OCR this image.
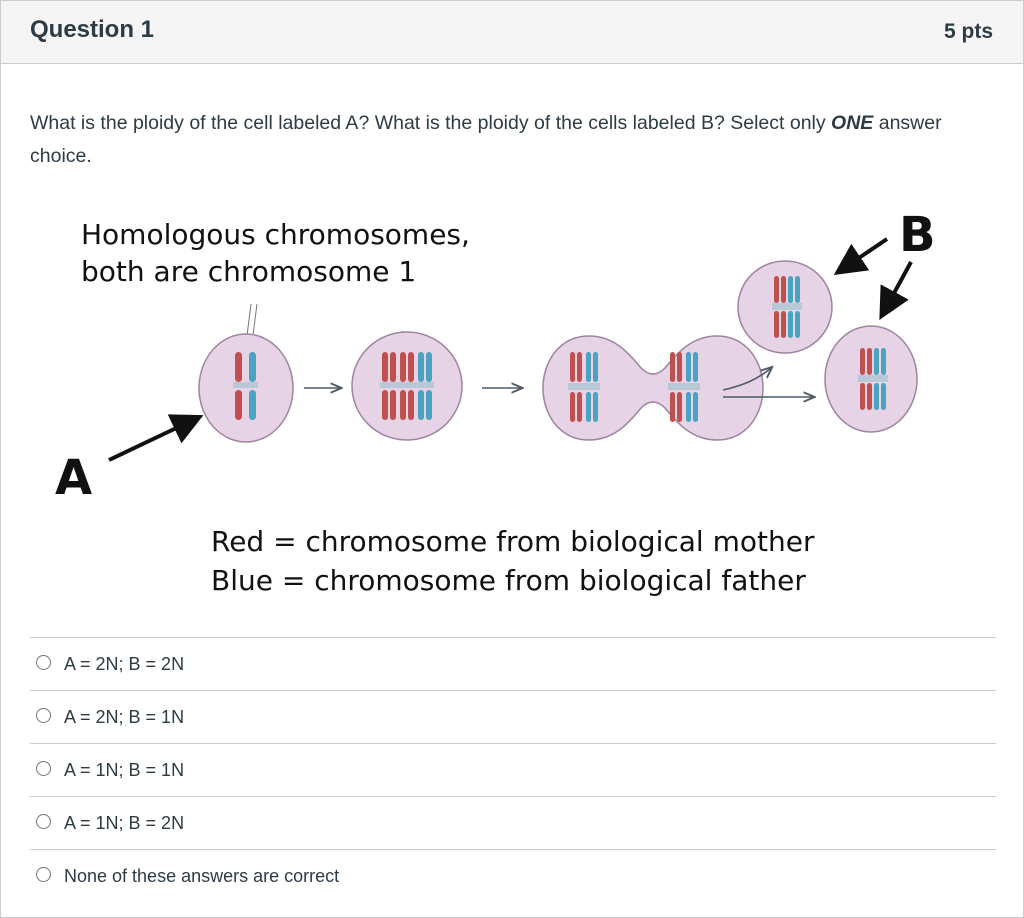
Question 1	5 pts
What is the ploidy of the cell labeled A? What is the ploidy of the cells labeled B? Select only ONE answer choice.
Homologous chromosomes,
both are chromosome 1
A
B
Red = chromosome from biological mother
Blue = chromosome from biological father
A = 2N; B = 2N
A = 2N; B = 1N
A = 1N; B = 1N
A = 1N; B = 2N
None of these answers are correct
